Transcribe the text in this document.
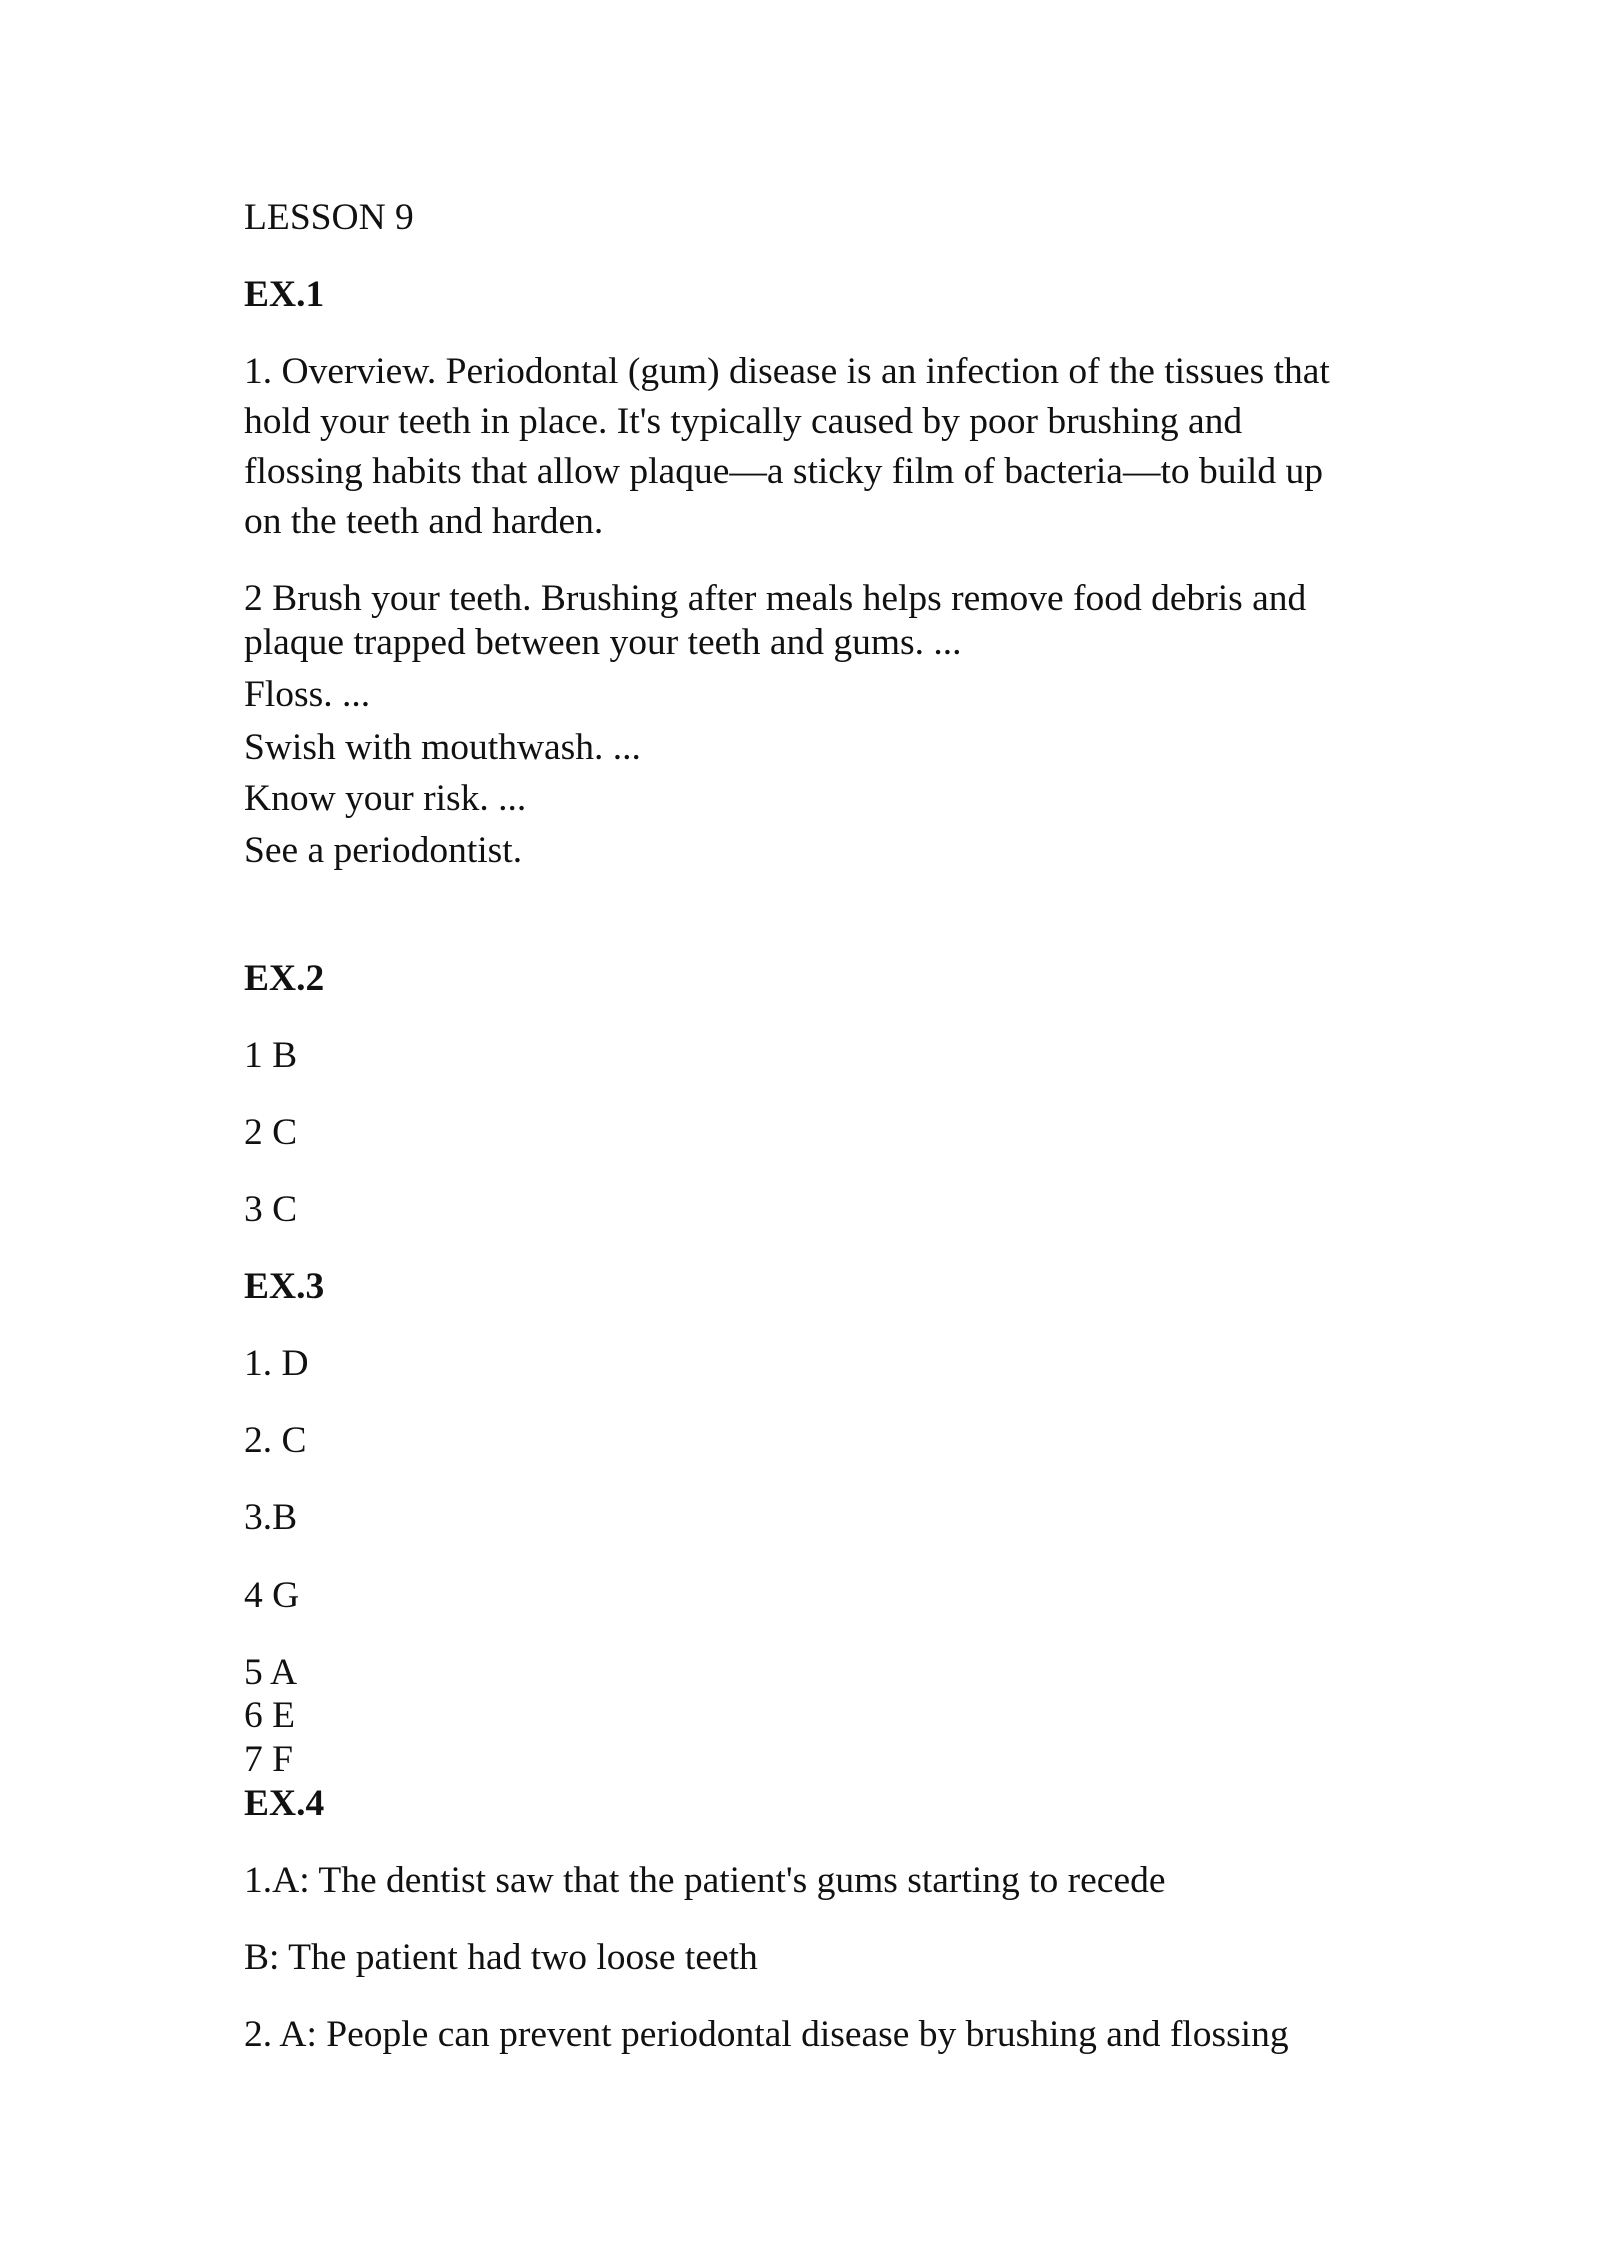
LESSON 9
EX.1
1. Overview. Periodontal (gum) disease is an infection of the tissues that
hold your teeth in place. It's typically caused by poor brushing and
flossing habits that allow plaque—a sticky film of bacteria—to build up
on the teeth and harden.
2 Brush your teeth. Brushing after meals helps remove food debris and
plaque trapped between your teeth and gums. ...
Floss. ...
Swish with mouthwash. ...
Know your risk. ...
See a periodontist.
EX.2
1 B
2 C
3 C
EX.3
1. D
2. C
3.B
4 G
5 A
6 E
7 F
EX.4
1.A: The dentist saw that the patient's gums starting to recede
B: The patient had two loose teeth
2. A: People can prevent periodontal disease by brushing and flossing
